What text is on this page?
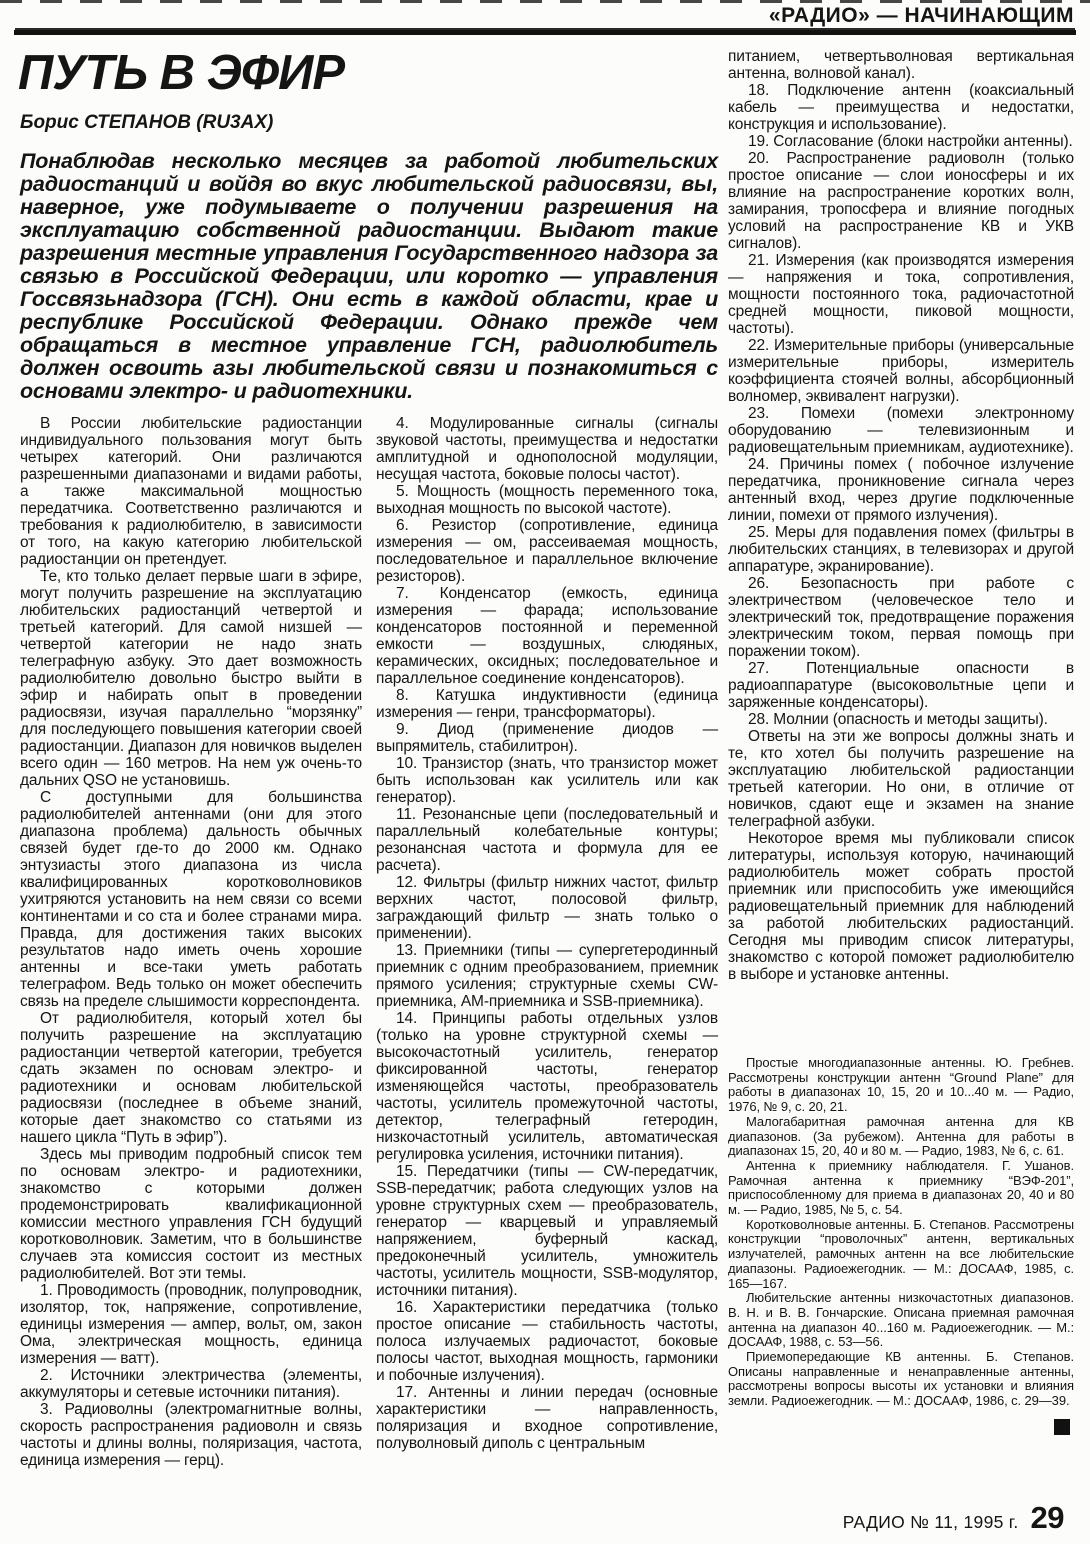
«РАДИО» — НАЧИНАЮЩИМ
ПУТЬ В ЭФИР
Борис СТЕПАНОВ (RU3AX)

Понаблюдав несколько месяцев за работой любительских радиостанций и войдя во вкус любительской радиосвязи, вы, наверное, уже подумываете о получении разрешения на эксплуатацию собственной радиостанции. Выдают такие разрешения местные управления Государственного надзора за связью в Российской Федерации, или коротко — управления Госсвязьнадзора (ГСН). Они есть в каждой области, крае и республике Российской Федерации. Однако прежде чем обращаться в местное управление ГСН, радиолюбитель должен освоить азы любительской связи и познакомиться с основами электро- и радиотехники.

В России любительские радиостанции индивидуального пользования могут быть четырех категорий. Они различаются разрешенными диапазонами и видами работы, а также максимальной мощностью передатчика. Соответственно различаются и требования к радиолюбителю, в зависимости от того, на какую категорию любительской радиостанции он претендует.

Те, кто только делает первые шаги в эфире, могут получить разрешение на эксплуатацию любительских радиостанций четвертой и третьей категорий. Для самой низшей — четвертой категории не надо знать телеграфную азбуку. Это дает возможность радиолюбителю довольно быстро выйти в эфир и набирать опыт в проведении радиосвязи, изучая параллельно “морзянку” для последующего повышения категории своей радиостанции. Диапазон для новичков выделен всего один — 160 метров. На нем уж очень-то дальних QSO не установишь.

С доступными для большинства радиолюбителей антеннами (они для этого диапазона проблема) дальность обычных связей будет где-то до 2000 км. Однако энтузиасты этого диапазона из числа квалифицированных коротковолновиков ухитряются установить на нем связи со всеми континентами и со ста и более странами мира. Правда, для достижения таких высоких результатов надо иметь очень хорошие антенны и все-таки уметь работать телеграфом. Ведь только он может обеспечить связь на пределе слышимости корреспондента.

От радиолюбителя, который хотел бы получить разрешение на эксплуатацию радиостанции четвертой категории, требуется сдать экзамен по основам электро- и радиотехники и основам любительской радиосвязи (последнее в объеме знаний, которые дает знакомство со статьями из нашего цикла “Путь в эфир”).

Здесь мы приводим подробный список тем по основам электро- и радиотехники, знакомство с которыми должен продемонстрировать квалификационной комиссии местного управления ГСН будущий коротковолновик. Заметим, что в большинстве случаев эта комиссия состоит из местных радиолюбителей. Вот эти темы.

1. Проводимость (проводник, полупроводник, изолятор, ток, напряжение, сопротивление, единицы измерения — ампер, вольт, ом, закон Ома, электрическая мощность, единица измерения — ватт).

2. Источники электричества (элементы, аккумуляторы и сетевые источники питания).

3. Радиоволны (электромагнитные волны, скорость распространения радиоволн и связь частоты и длины волны, поляризация, частота, единица измерения — герц).

4. Модулированные сигналы (сигналы звуковой частоты, преимущества и недостатки амплитудной и однополосной модуляции, несущая частота, боковые полосы частот).

5. Мощность (мощность переменного тока, выходная мощность по высокой частоте).

6. Резистор (сопротивление, единица измерения — ом, рассеиваемая мощность, последовательное и параллельное включение резисторов).

7. Конденсатор (емкость, единица измерения — фарада; использование конденсаторов постоянной и переменной емкости — воздушных, слюдяных, керамических, оксидных; последовательное и параллельное соединение конденсаторов).

8. Катушка индуктивности (единица измерения — генри, трансформаторы).

9. Диод (применение диодов — выпрямитель, стабилитрон).

10. Транзистор (знать, что транзистор может быть использован как усилитель или как генератор).

11. Резонансные цепи (последовательный и параллельный колебательные контуры; резонансная частота и формула для ее расчета).

12. Фильтры (фильтр нижних частот, фильтр верхних частот, полосовой фильтр, заграждающий фильтр — знать только о применении).

13. Приемники (типы — супергетеродинный приемник с одним преобразованием, приемник прямого усиления; структурные схемы CW-приемника, АМ-приемника и SSB-приемника).

14. Принципы работы отдельных узлов (только на уровне структурной схемы — высокочастотный усилитель, генератор фиксированной частоты, генератор изменяющейся частоты, преобразователь частоты, усилитель промежуточной частоты, детектор, телеграфный гетеродин, низкочастотный усилитель, автоматическая регулировка усиления, источники питания).

15. Передатчики (типы — CW-передатчик, SSB-передатчик; работа следующих узлов на уровне структурных схем — преобразователь, генератор — кварцевый и управляемый напряжением, буферный каскад, предоконечный усилитель, умножитель частоты, усилитель мощности, SSB-модулятор, источники питания).

16. Характеристики передатчика (только простое описание — стабильность частоты, полоса излучаемых радиочастот, боковые полосы частот, выходная мощность, гармоники и побочные излучения).

17. Антенны и линии передач (основные характеристики — направленность, поляризация и входное сопротивление, полуволновый диполь с центральным

питанием, четвертьволновая вертикальная антенна, волновой канал).

18. Подключение антенн (коаксиальный кабель — преимущества и недостатки, конструкция и использование).

19. Согласование (блоки настройки антенны).

20. Распространение радиоволн (только простое описание — слои ионосферы и их влияние на распространение коротких волн, замирания, тропосфера и влияние погодных условий на распространение КВ и УКВ сигналов).

21. Измерения (как производятся измерения — напряжения и тока, сопротивления, мощности постоянного тока, радиочастотной средней мощности, пиковой мощности, частоты).

22. Измерительные приборы (универсальные измерительные приборы, измеритель коэффициента стоячей волны, абсорбционный волномер, эквивалент нагрузки).

23. Помехи (помехи электронному оборудованию — телевизионным и радиовещательным приемникам, аудиотехнике).

24. Причины помех ( побочное излучение передатчика, проникновение сигнала через антенный вход, через другие подключенные линии, помехи от прямого излучения).

25. Меры для подавления помех (фильтры в любительских станциях, в телевизорах и другой аппаратуре, экранирование).

26. Безопасность при работе с электричеством (человеческое тело и электрический ток, предотвращение поражения электрическим током, первая помощь при поражении током).

27. Потенциальные опасности в радиоаппаратуре (высоковольтные цепи и заряженные конденсаторы).

28. Молнии (опасность и методы защиты).

Ответы на эти же вопросы должны знать и те, кто хотел бы получить разрешение на эксплуатацию любительской радиостанции третьей категории. Но они, в отличие от новичков, сдают еще и экзамен на знание телеграфной азбуки.

Некоторое время мы публиковали список литературы, используя которую, начинающий радиолюбитель может собрать простой приемник или приспособить уже имеющийся радиовещательный приемник для наблюдений за работой любительских радиостанций. Сегодня мы приводим список литературы, знакомство с которой поможет радиолюбителю в выборе и установке антенны.

Простые многодиапазонные антенны. Ю. Гребнев. Рассмотрены конструкции антенн “Ground Plane” для работы в диапазонах 10, 15, 20 и 10...40 м. — Радио, 1976, № 9, с. 20, 21.

Малогабаритная рамочная антенна для КВ диапазонов. (За рубежом). Антенна для работы в диапазонах 15, 20, 40 и 80 м. — Радио, 1983, № 6, с. 61.

Антенна к приемнику наблюдателя. Г. Ушанов. Рамочная антенна к приемнику “ВЭФ-201”, приспособленному для приема в диапазонах 20, 40 и 80 м. — Радио, 1985, № 5, с. 54.

Коротковолновые антенны. Б. Степанов. Рассмотрены конструкции “проволочных” антенн, вертикальных излучателей, рамочных антенн на все любительские диапазоны. Радиоежегодник. — М.: ДОСААФ, 1985, с. 165—167.

Любительские антенны низкочастотных диапазонов. В. Н. и В. В. Гончарские. Описана приемная рамочная антенна на диапазон 40...160 м. Радиоежегодник. — М.: ДОСААФ, 1988, с. 53—56.

Приемопередающие КВ антенны. Б. Степанов. Описаны направленные и ненаправленные антенны, рассмотрены вопросы высоты их установки и влияния земли. Радиоежегодник. — М.: ДОСААФ, 1986, с. 29—39.

РАДИО № 11, 1995 г. 29
